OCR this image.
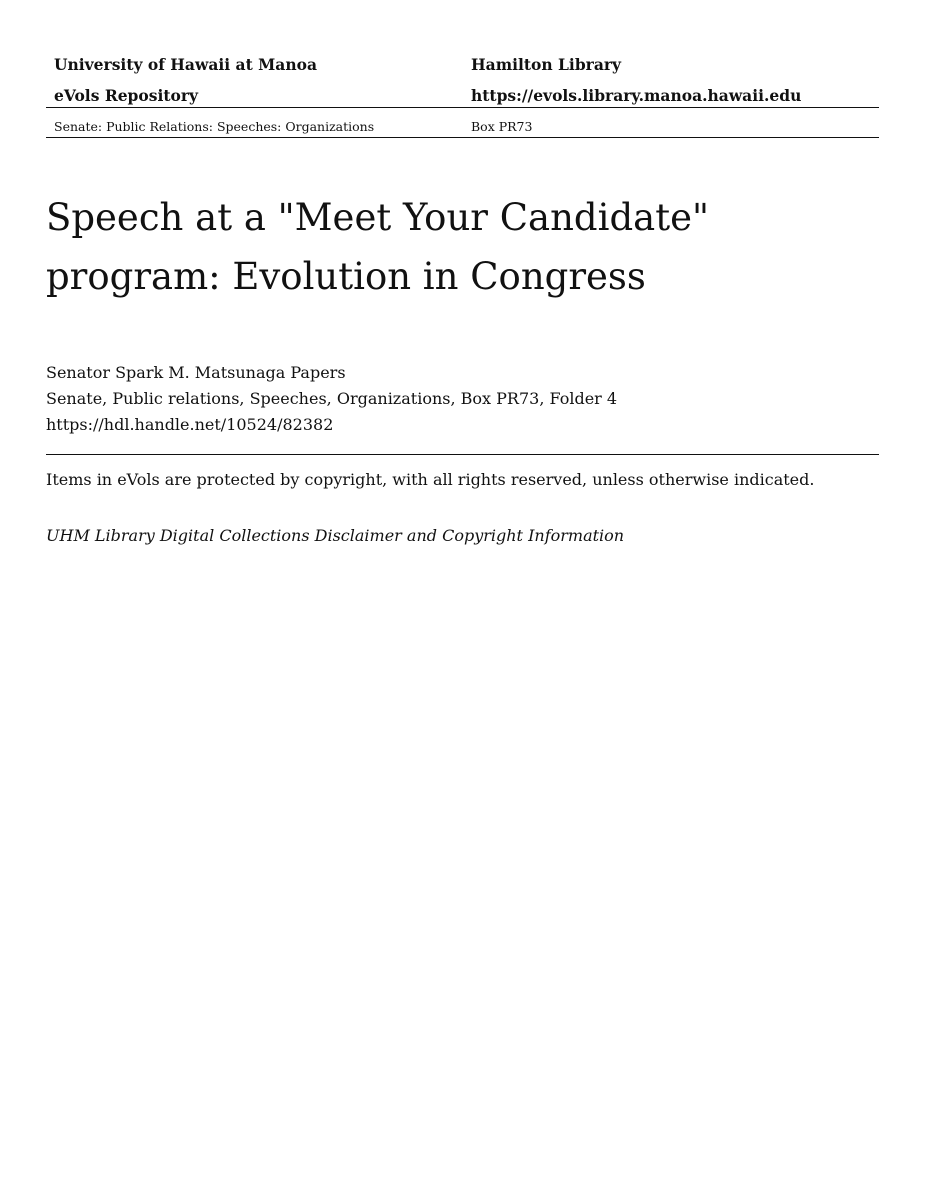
University of Hawaii at Manoa	Hamilton Library
eVols Repository	https://evols.library.manoa.hawaii.edu
Senate: Public Relations: Speeches: Organizations	Box PR73
Speech at a "Meet Your Candidate"
program: Evolution in Congress
Senator Spark M. Matsunaga Papers
Senate, Public relations, Speeches, Organizations, Box PR73, Folder 4
https://hdl.handle.net/10524/82382
Items in eVols are protected by copyright, with all rights reserved, unless otherwise indicated.
UHM Library Digital Collections Disclaimer and Copyright Information
